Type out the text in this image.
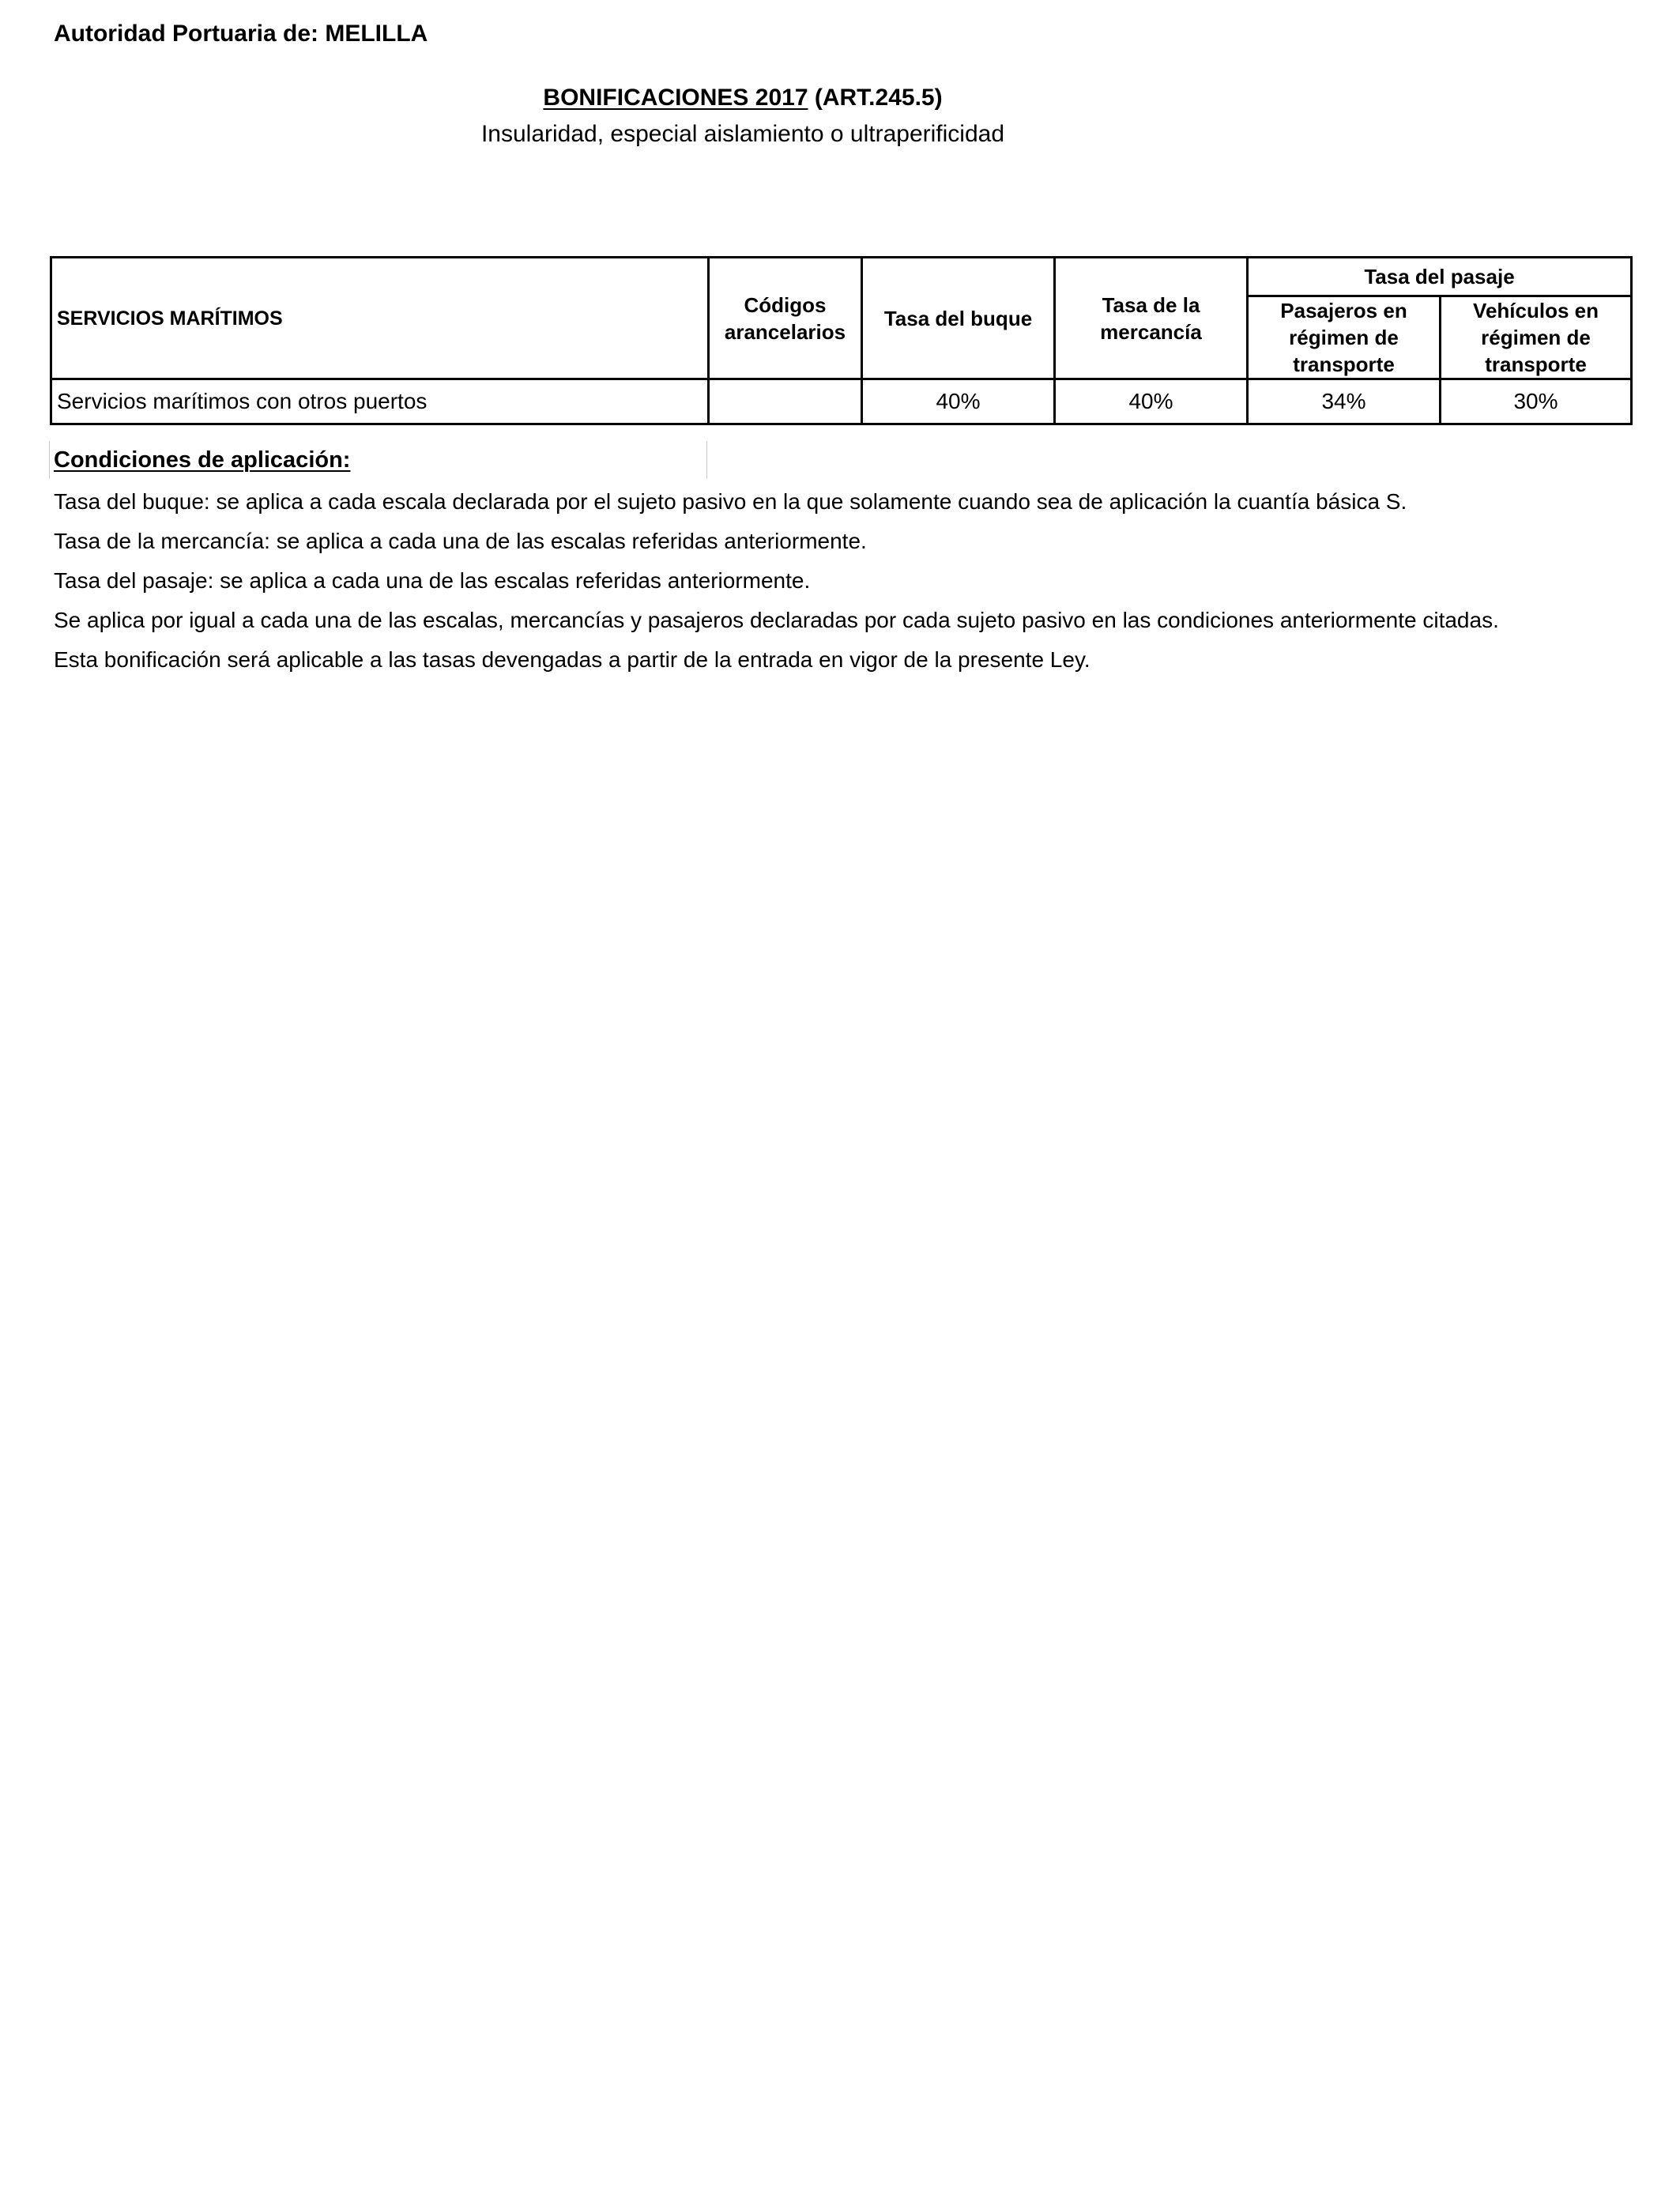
Autoridad Portuaria de: MELILLA
BONIFICACIONES 2017 (ART.245.5)
Insularidad, especial aislamiento o ultraperificidad
SERVICIOS MARÍTIMOS	Códigos arancelarios	Tasa del buque	Tasa de la mercancía	Tasa del pasaje	
				Pasajeros en régimen de transporte	Vehículos en régimen de transporte
Servicios marítimos con otros puertos		40%	40%	34%	30%
Condiciones de aplicación:
Tasa del buque: se aplica a cada escala declarada por el sujeto pasivo en la que solamente cuando sea de aplicación la cuantía básica S.
Tasa de la mercancía: se aplica a cada una de las escalas referidas anteriormente.
Tasa del pasaje: se aplica a cada una de las escalas referidas anteriormente.
Se aplica por igual a cada una de las escalas, mercancías y pasajeros declaradas por cada sujeto pasivo en las condiciones anteriormente citadas.
Esta bonificación será aplicable a las tasas devengadas a partir de la entrada en vigor de la presente Ley.
